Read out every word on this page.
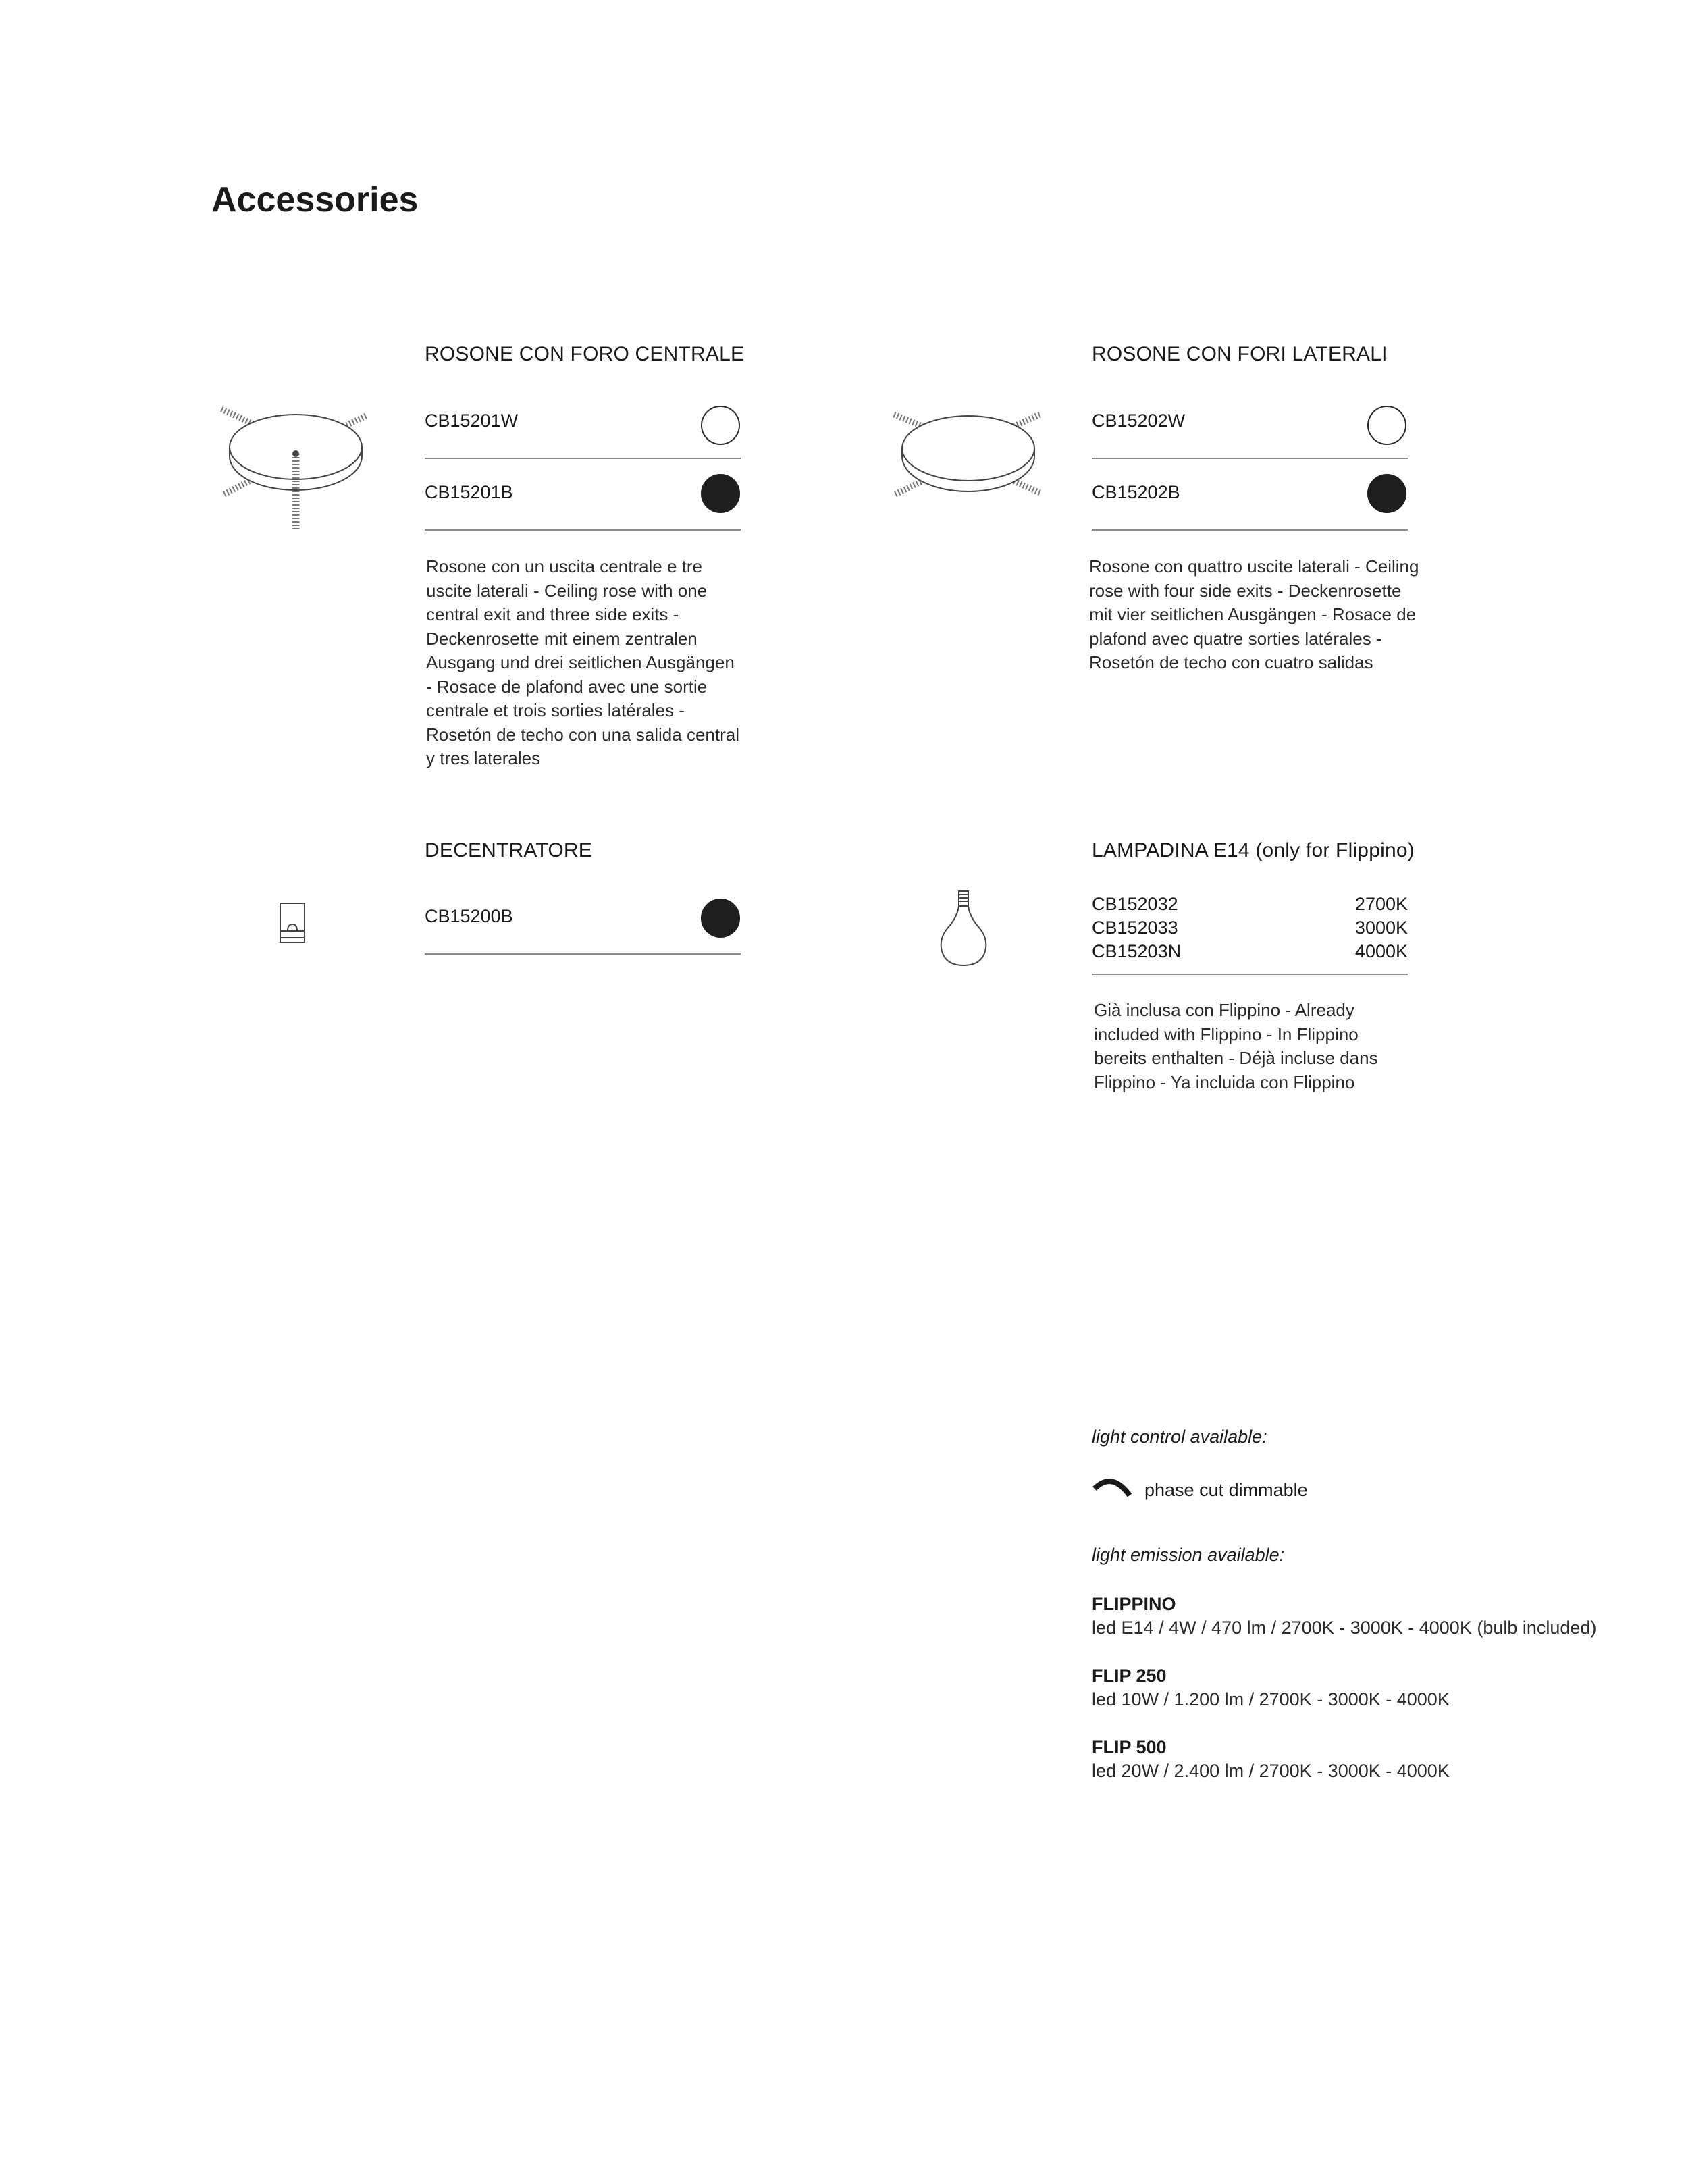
Accessories
ROSONE CON FORO CENTRALE
CB15201W
CB15201B
Rosone con un uscita centrale e tre uscite laterali - Ceiling rose with one central exit and three side exits - Deckenrosette mit einem zentralen Ausgang und drei seitlichen Ausgängen - Rosace de plafond avec une sortie centrale et trois sorties latérales - Rosetón de techo con una salida central y tres laterales
ROSONE CON FORI LATERALI
CB15202W
CB15202B
Rosone con quattro uscite laterali - Ceiling rose with four side exits - Deckenrosette mit vier seitlichen Ausgängen - Rosace de plafond avec quatre sorties latérales - Rosetón de techo con cuatro salidas
DECENTRATORE
CB15200B
LAMPADINA E14 (only for Flippino)
CB152032	2700K
CB152033	3000K
CB15203N	4000K
Già inclusa con Flippino - Already included with Flippino - In Flippino bereits enthalten - Déjà incluse dans Flippino - Ya incluida con Flippino
light control available:
phase cut dimmable
light emission available:
FLIPPINO
led E14 / 4W / 470 lm / 2700K - 3000K - 4000K (bulb included)
FLIP 250
led 10W / 1.200 lm / 2700K - 3000K - 4000K
FLIP 500
led 20W / 2.400 lm / 2700K - 3000K - 4000K
